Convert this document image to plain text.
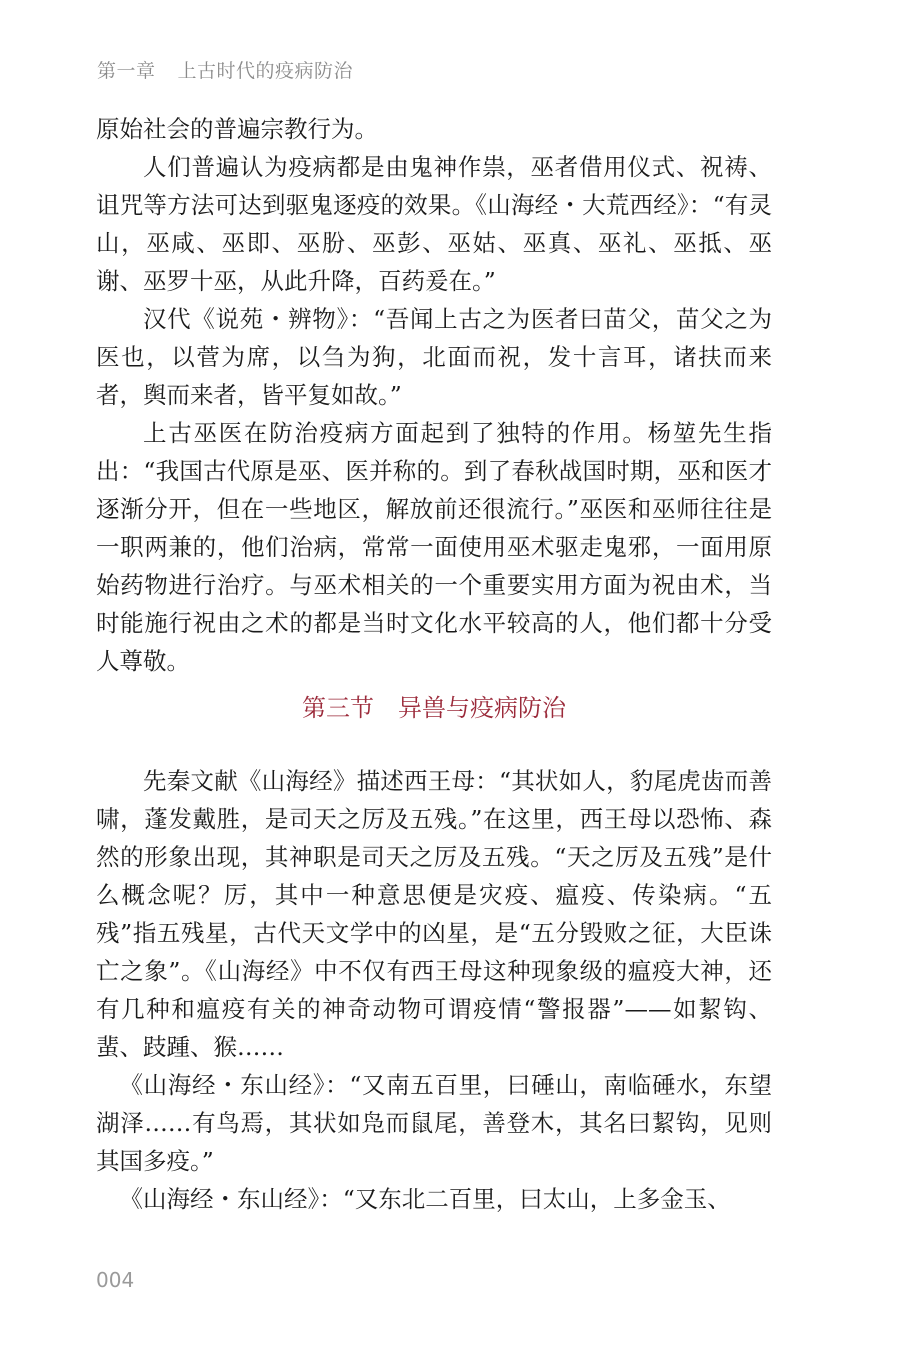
第一章 上古时代的疫病防治

原始社会的普遍宗教行为。

人们普遍认为疫病都是由鬼神作祟，巫者借用仪式、祝祷、诅咒等方法可达到驱鬼逐疫的效果。《山海经・大荒西经》：“有灵山，巫咸、巫即、巫朌、巫彭、巫姑、巫真、巫礼、巫抵、巫谢、巫罗十巫，从此升降，百药爰在。”

汉代《说苑・辨物》：“吾闻上古之为医者曰苗父，苗父之为医也，以菅为席，以刍为狗，北面而祝，发十言耳，诸扶而来者，舆而来者，皆平复如故。”

上古巫医在防治疫病方面起到了独特的作用。杨堃先生指出：“我国古代原是巫、医并称的。到了春秋战国时期，巫和医才逐渐分开，但在一些地区，解放前还很流行。”巫医和巫师往往是一职两兼的，他们治病，常常一面使用巫术驱走鬼邪，一面用原始药物进行治疗。与巫术相关的一个重要实用方面为祝由术，当时能施行祝由之术的都是当时文化水平较高的人，他们都十分受人尊敬。

第三节 异兽与疫病防治

先秦文献《山海经》描述西王母：“其状如人，豹尾虎齿而善啸，蓬发戴胜，是司天之厉及五残。”在这里，西王母以恐怖、森然的形象出现，其神职是司天之厉及五残。“天之厉及五残”是什么概念呢？厉，其中一种意思便是灾疫、瘟疫、传染病。“五残”指五残星，古代天文学中的凶星，是“五分毁败之征，大臣诛亡之象”。《山海经》中不仅有西王母这种现象级的瘟疫大神，还有几种和瘟疫有关的神奇动物可谓疫情“警报器”——如絜钩、蜚、跂踵、猴……

《山海经・东山经》：“又南五百里，曰硾山，南临硾水，东望湖泽……有鸟焉，其状如凫而鼠尾，善登木，其名曰絜钩，见则其国多疫。”

《山海经・东山经》：“又东北二百里，曰太山，上多金玉、

004
